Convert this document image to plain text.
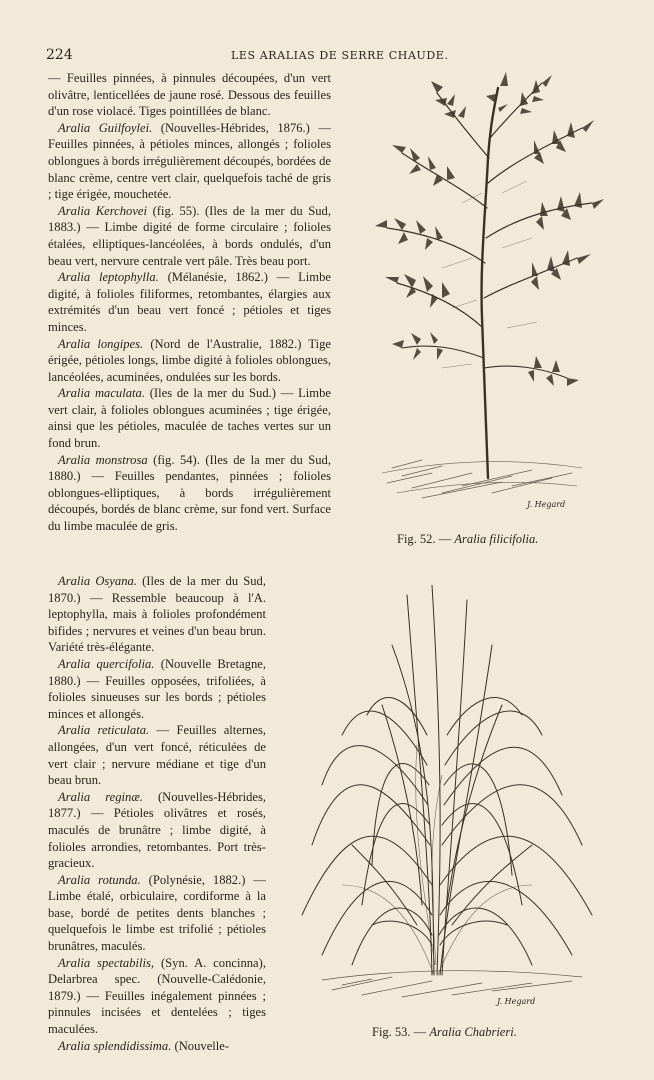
224	LES ARALIAS DE SERRE CHAUDE.

— Feuilles pinnées, à pinnules découpées, d'un vert olivâtre, lenticellées de jaune rosé. Dessous des feuilles d'un rose violacé. Tiges pointillées de blanc.

Aralia Guilfoylei. (Nouvelles-Hébrides, 1876.) — Feuilles pinnées, à pétioles minces, allongés ; folioles oblongues à bords irrégulièrement découpés, bordées de blanc crème, centre vert clair, quelquefois taché de gris ; tige érigée, mouchetée.

Aralia Kerchovei (fig. 55). (Iles de la mer du Sud, 1883.) — Limbe digité de forme circulaire ; folioles étalées, elliptiques-lancéolées, à bords ondulés, d'un beau vert, nervure centrale vert pâle. Très beau port.

Aralia leptophylla. (Mélanésie, 1862.) — Limbe digité, à folioles filiformes, retombantes, élargies aux extrémités d'un beau vert foncé ; pétioles et tiges minces.

Aralia longipes. (Nord de l'Australie, 1882.) Tige érigée, pétioles longs, limbe digité à folioles oblongues, lancéolées, acuminées, ondulées sur les bords.

Aralia maculata. (Iles de la mer du Sud.) — Limbe vert clair, à folioles oblongues acuminées ; tige érigée, ainsi que les pétioles, maculée de taches vertes sur un fond brun.

Aralia monstrosa (fig. 54). (Iles de la mer du Sud, 1880.) — Feuilles pendantes, pinnées ; folioles oblongues-elliptiques, à bords irrégulièrement découpés, bordés de blanc crème, sur fond vert. Surface du limbe maculée de gris.

Aralia Osyana. (Iles de la mer du Sud, 1870.) — Ressemble beaucoup à l'A. leptophylla, mais à folioles profondément bifides ; nervures et veines d'un beau brun. Variété très-élégante.

Aralia quercifolia. (Nouvelle Bretagne, 1880.) — Feuilles opposées, trifoliées, à folioles sinueuses sur les bords ; pétioles minces et allongés.

Aralia reticulata. — Feuilles alternes, allongées, d'un vert foncé, réticulées de vert clair ; nervure médiane et tige d'un beau brun.

Aralia reginæ. (Nouvelles-Hébrides, 1877.) — Pétioles olivâtres et rosés, maculés de brunâtre ; limbe digité, à folioles arrondies, retombantes. Port très-gracieux.

Aralia rotunda. (Polynésie, 1882.) — Limbe étalé, orbiculaire, cordiforme à la base, bordé de petites dents blanches ; quelquefois le limbe est trifolié ; pétioles brunâtres, maculés.

Aralia spectabilis, (Syn. A. concinna), Delarbrea spec. (Nouvelle-Calédonie, 1879.) — Feuilles inégalement pinnées ; pinnules incisées et dentelées ; tiges maculées.

Aralia splendidissima. (Nouvelle-

J. Hegard
J. Hegard
Fig. 52. — Aralia filicifolia.
Fig. 53. — Aralia Chabrieri.
